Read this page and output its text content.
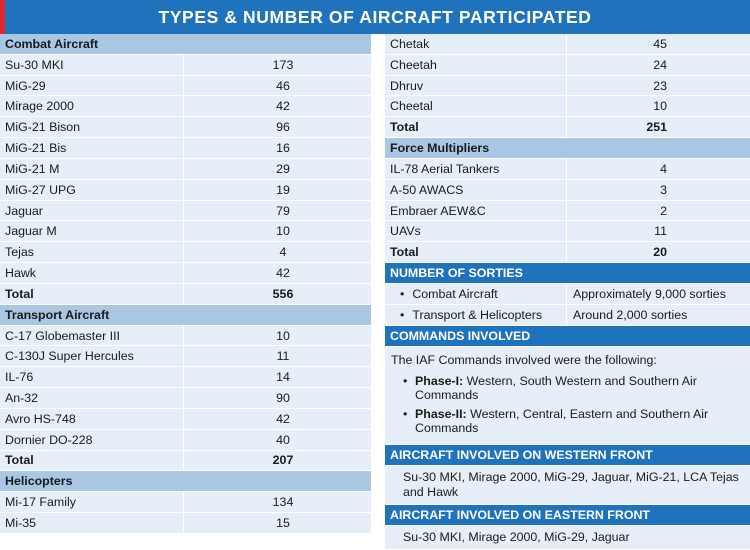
TYPES & NUMBER OF AIRCRAFT PARTICIPATED
Combat Aircraft
Su-30 MKI	173
MiG-29	46
Mirage 2000	42
MiG-21 Bison	96
MiG-21 Bis	16
MiG-21 M	29
MiG-27 UPG	19
Jaguar	79
Jaguar M	10
Tejas	4
Hawk	42
Total	556
Transport Aircraft
C-17 Globemaster III	10
C-130J Super Hercules	11
IL-76	14
An-32	90
Avro HS-748	42
Dornier DO-228	40
Total	207
Helicopters
Mi-17 Family	134
Mi-35	15
Chetak	45
Cheetah	24
Dhruv	23
Cheetal	10
Total	251
Force Multipliers
IL-78 Aerial Tankers	4
A-50 AWACS	3
Embraer AEW&C	2
UAVs	11
Total	20
NUMBER OF SORTIES
• Combat Aircraft	Approximately 9,000 sorties
• Transport & Helicopters	Around 2,000 sorties
COMMANDS INVOLVED
The IAF Commands involved were the following:
• Phase-I: Western, South Western and Southern Air Commands
• Phase-II: Western, Central, Eastern and Southern Air Commands
AIRCRAFT INVOLVED ON WESTERN FRONT
Su-30 MKI, Mirage 2000, MiG-29, Jaguar, MiG-21, LCA Tejas and Hawk
AIRCRAFT INVOLVED ON EASTERN FRONT
Su-30 MKI, Mirage 2000, MiG-29, Jaguar
